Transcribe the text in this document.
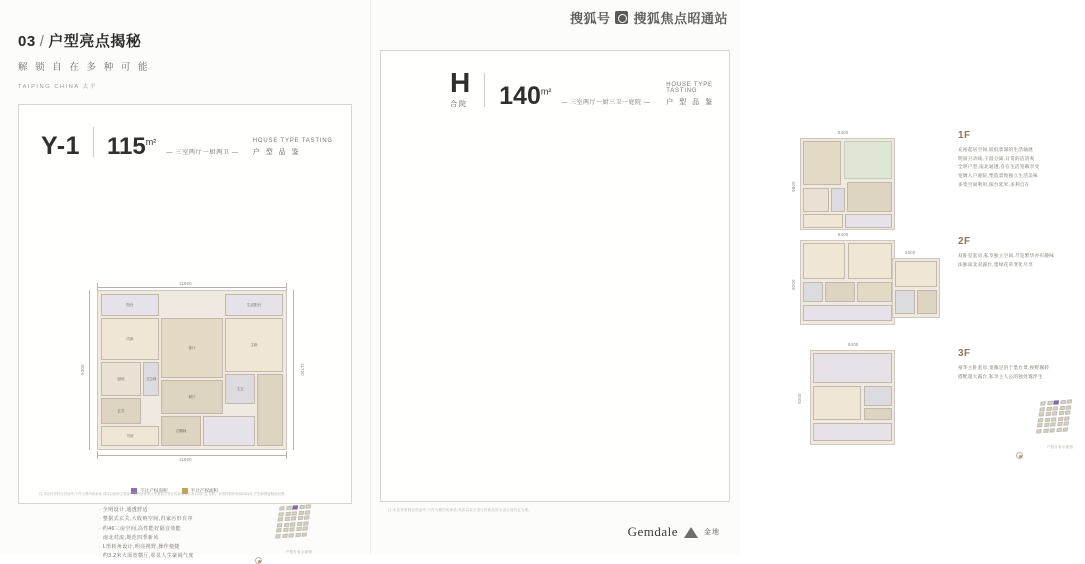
搜狐号 搜狐焦点昭通站
03 / 户型亮点揭秘
解 锁 自 在 多 种 可 能
TAIPING CHINA 太平
Y-1 $115^{m^2}$
— 三室两厅一厨两卫 —
HOUSE TYPE TASTING
户 型 品 鉴
11600
11600
9300	11700
阳台
次卧
厨房
玄关
书房
客厅
餐厅
卫生间
衣帽间
主卧
主卫
生活阳台
不计产权面积	半计产权面积
· 全明设计,通透舒适
· 整据式玄关,大收纳空间,归家污形有序
· 约46三房空间,高性能好隔音效能
· 南北对流,规范四季新风
· L形转角设计,明亮视野,操作便捷
· 约3.2米大面宽横厅,彰显人生豪阔气度
户型分布示意图
注:本宣传资料仅供参考,不作为要约或承诺,具体以政府主管部门最终批准的文件及双方签订的商品房买卖合同约定为准。本资料制作时间2021年,开发商保留修改权利。
H
合院 $140^{m^2}$
— 三室两厅一厨三卫一庭院 —
HOUSE TYPE TASTING
户 型 品 鉴
1F
充裕起居空间,较低景深的生活轴展
明厨卫动线,干湿分离,日常的洁清爽
全明户型,南北通透,自在生活宽敞享受
宽阔入户庭院,塑造景致独立生活美味
多变空间利用,阳台延米,多利自在
8400
9800
2F
双卧室套房,私享独立空间,尽览繁华亦有趣味
法独南北双露台,墨绿花草变化尽享
8400
8200
3600
3F
豪华主卧套房,宽敞足浴于墨台景,视野辗转
搭配超大露台,私享主人公的独处逸浮生
8400
9200
户型分布示意图
注:本宣传资料仅供参考,不作为要约或承诺,具体以双方签订的商品房买卖合同约定为准。
Gemdale	金地
